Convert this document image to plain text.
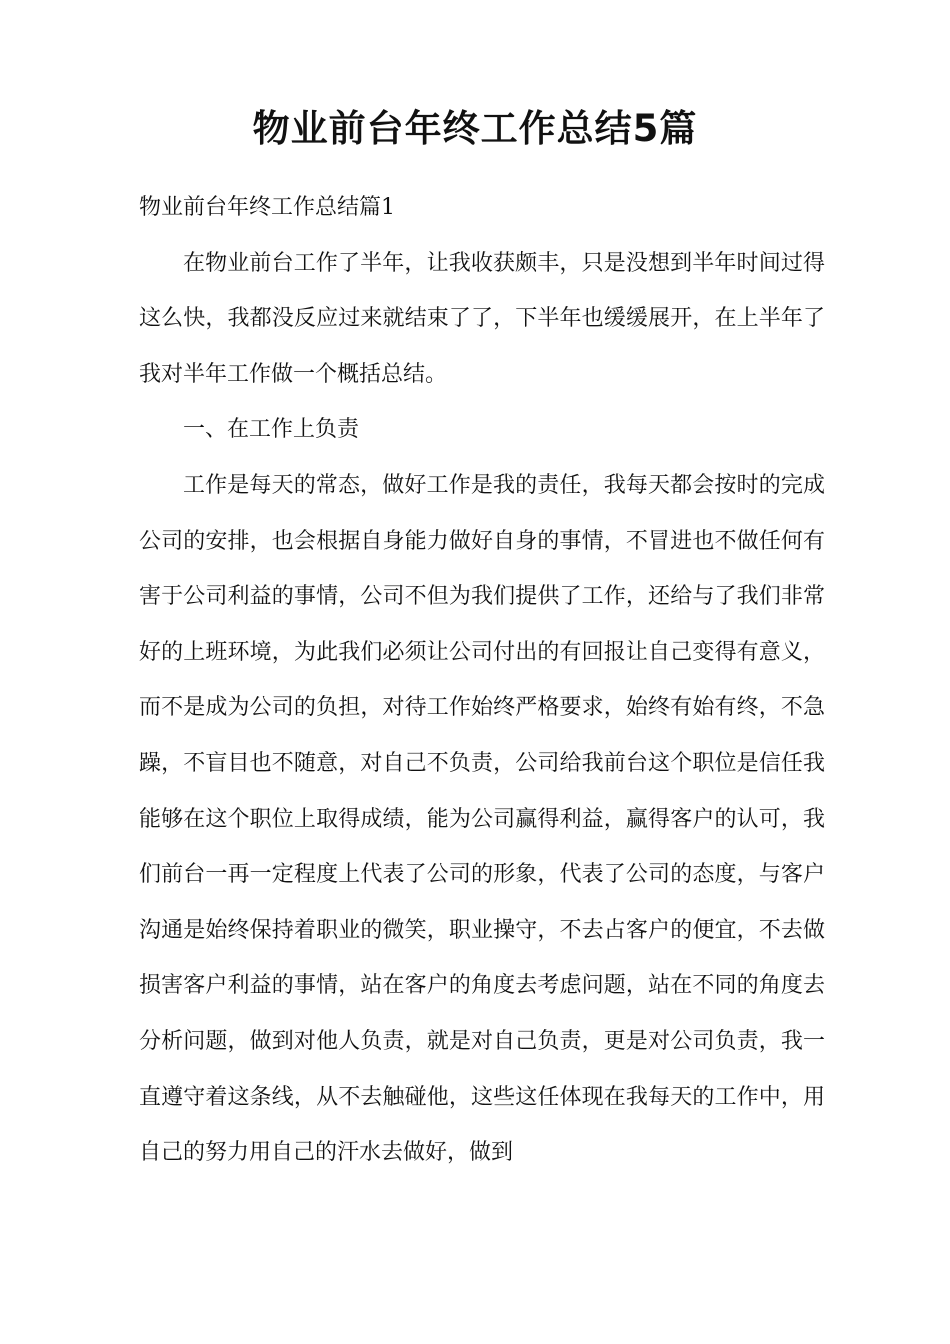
物业前台年终工作总结5篇

物业前台年终工作总结篇1

在物业前台工作了半年，让我收获颇丰，只是没想到半年时间过得这么快，我都没反应过来就结束了了，下半年也缓缓展开，在上半年了我对半年工作做一个概括总结。

一、在工作上负责

工作是每天的常态，做好工作是我的责任，我每天都会按时的完成公司的安排，也会根据自身能力做好自身的事情，不冒进也不做任何有害于公司利益的事情，公司不但为我们提供了工作，还给与了我们非常好的上班环境，为此我们必须让公司付出的有回报让自己变得有意义，而不是成为公司的负担，对待工作始终严格要求，始终有始有终，不急躁，不盲目也不随意，对自己不负责，公司给我前台这个职位是信任我能够在这个职位上取得成绩，能为公司赢得利益，赢得客户的认可，我们前台一再一定程度上代表了公司的形象，代表了公司的态度，与客户沟通是始终保持着职业的微笑，职业操守，不去占客户的便宜，不去做损害客户利益的事情，站在客户的角度去考虑问题，站在不同的角度去分析问题，做到对他人负责，就是对自己负责，更是对公司负责，我一直遵守着这条线，从不去触碰他，这些这任体现在我每天的工作中，用自己的努力用自己的汗水去做好，做到
